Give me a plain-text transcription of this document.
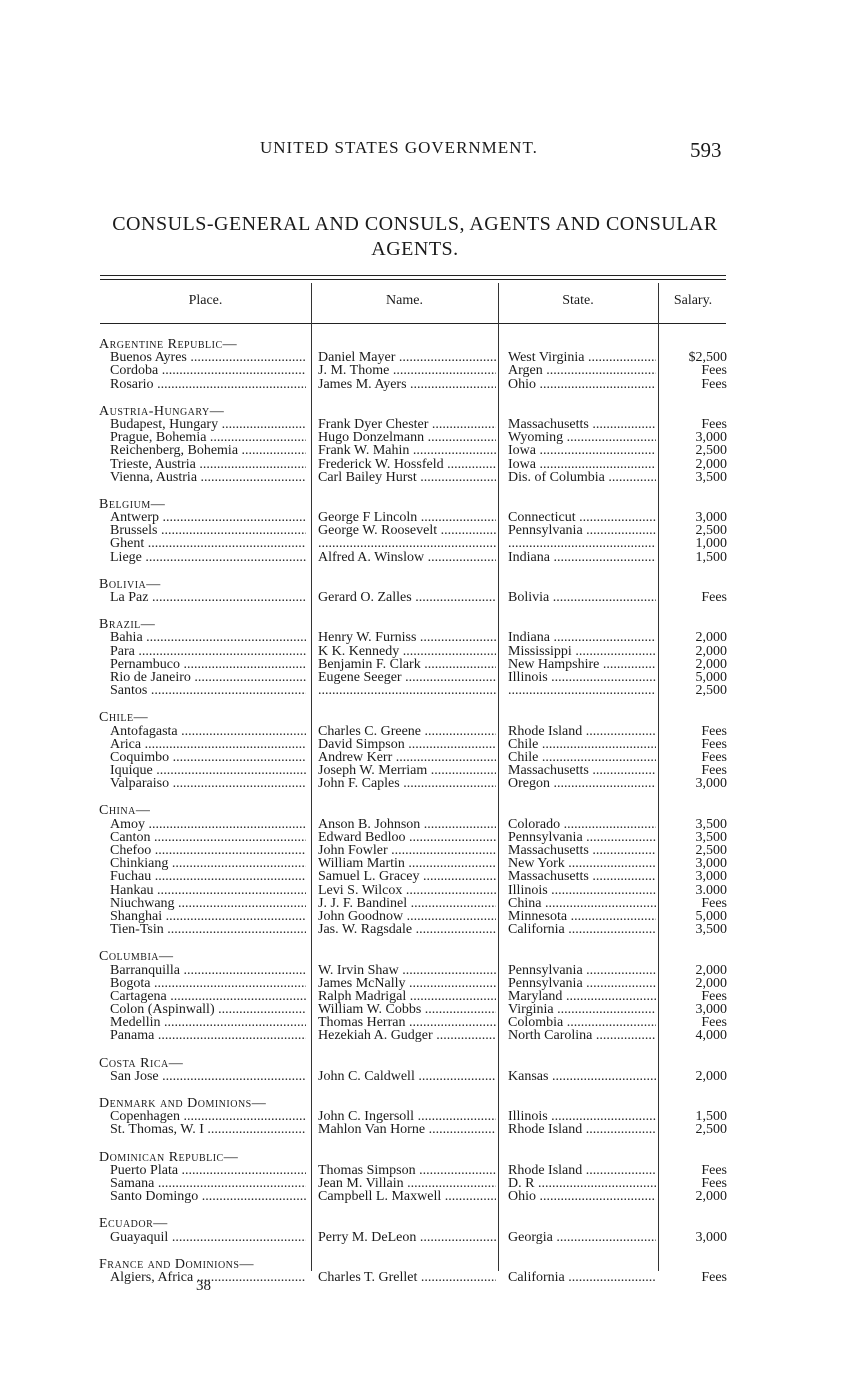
UNITED STATES GOVERNMENT.	593
CONSULS-GENERAL AND CONSULS, AGENTS AND CONSULAR
AGENTS.
Place.	Name.	State.	Salary.
Argentine Republic—
Buenos Ayres .....	Daniel Mayer .....	West Virginia .....	$2,500
Cordoba .....	J. M. Thome .....	Argen .....	Fees
Rosario .....	James M. Ayers .....	Ohio .....	Fees
Austria-Hungary—
Budapest, Hungary .....	Frank Dyer Chester .....	Massachusetts .....	Fees
Prague, Bohemia .....	Hugo Donzelmann .....	Wyoming .....	3,000
Reichenberg, Bohemia .....	Frank W. Mahin .....	Iowa .....	2,500
Trieste, Austria .....	Frederick W. Hossfeld .....	Iowa .....	2,000
Vienna, Austria .....	Carl Bailey Hurst .....	Dis. of Columbia .....	3,500
Belgium—
Antwerp .....	George F Lincoln .....	Connecticut .....	3,000
Brussels .....	George W. Roosevelt .....	Pennsylvania .....	2,500
Ghent ..... ..... .....	1,000
Liege .....	Alfred A. Winslow .....	Indiana .....	1,500
Bolivia—
La Paz .....	Gerard O. Zalles .....	Bolivia .....	Fees
Brazil—
Bahia .....	Henry W. Furniss .....	Indiana .....	2,000
Para .....	K K. Kennedy .....	Mississippi .....	2,000
Pernambuco .....	Benjamin F. Clark .....	New Hampshire .....	2,000
Rio de Janeiro .....	Eugene Seeger .....	Illinois .....	5,000
Santos ..... ..... .....	2,500
Chile—
Antofagasta .....	Charles C. Greene .....	Rhode Island .....	Fees
Arica .....	David Simpson .....	Chile .....	Fees
Coquimbo .....	Andrew Kerr .....	Chile .....	Fees
Iquique .....	Joseph W. Merriam .....	Massachusetts .....	Fees
Valparaiso .....	John F. Caples .....	Oregon .....	3,000
China—
Amoy .....	Anson B. Johnson .....	Colorado .....	3,500
Canton .....	Edward Bedloo .....	Pennsylvania .....	3,500
Chefoo .....	John Fowler .....	Massachusetts .....	2,500
Chinkiang .....	William Martin .....	New York .....	3,000
Fuchau .....	Samuel L. Gracey .....	Massachusetts .....	3,000
Hankau .....	Levi S. Wilcox .....	Illinois .....	3.000
Niuchwang .....	J. J. F. Bandinel .....	China .....	Fees
Shanghai .....	John Goodnow .....	Minnesota .....	5,000
Tien-Tsin .....	Jas. W. Ragsdale .....	California .....	3,500
Columbia—
Barranquilla .....	W. Irvin Shaw .....	Pennsylvania .....	2,000
Bogota .....	James McNally .....	Pennsylvania .....	2,000
Cartagena .....	Ralph Madrigal .....	Maryland .....	Fees
Colon (Aspinwall) .....	William W. Cobbs .....	Virginia .....	3,000
Medellin .....	Thomas Herran .....	Colombia .....	Fees
Panama .....	Hezekiah A. Gudger .....	North Carolina .....	4,000
Costa Rica—
San Jose .....	John C. Caldwell .....	Kansas .....	2,000
Denmark and Dominions—
Copenhagen .....	John C. Ingersoll .....	Illinois .....	1,500
St. Thomas, W. I .....	Mahlon Van Horne .....	Rhode Island .....	2,500
Dominican Republic—
Puerto Plata .....	Thomas Simpson .....	Rhode Island .....	Fees
Samana .....	Jean M. Villain .....	D. R .....	Fees
Santo Domingo .....	Campbell L. Maxwell .....	Ohio .....	2,000
Ecuador—
Guayaquil .....	Perry M. DeLeon .....	Georgia .....	3,000
France and Dominions—
Algiers, Africa .....	Charles T. Grellet .....	California .....	Fees
38
